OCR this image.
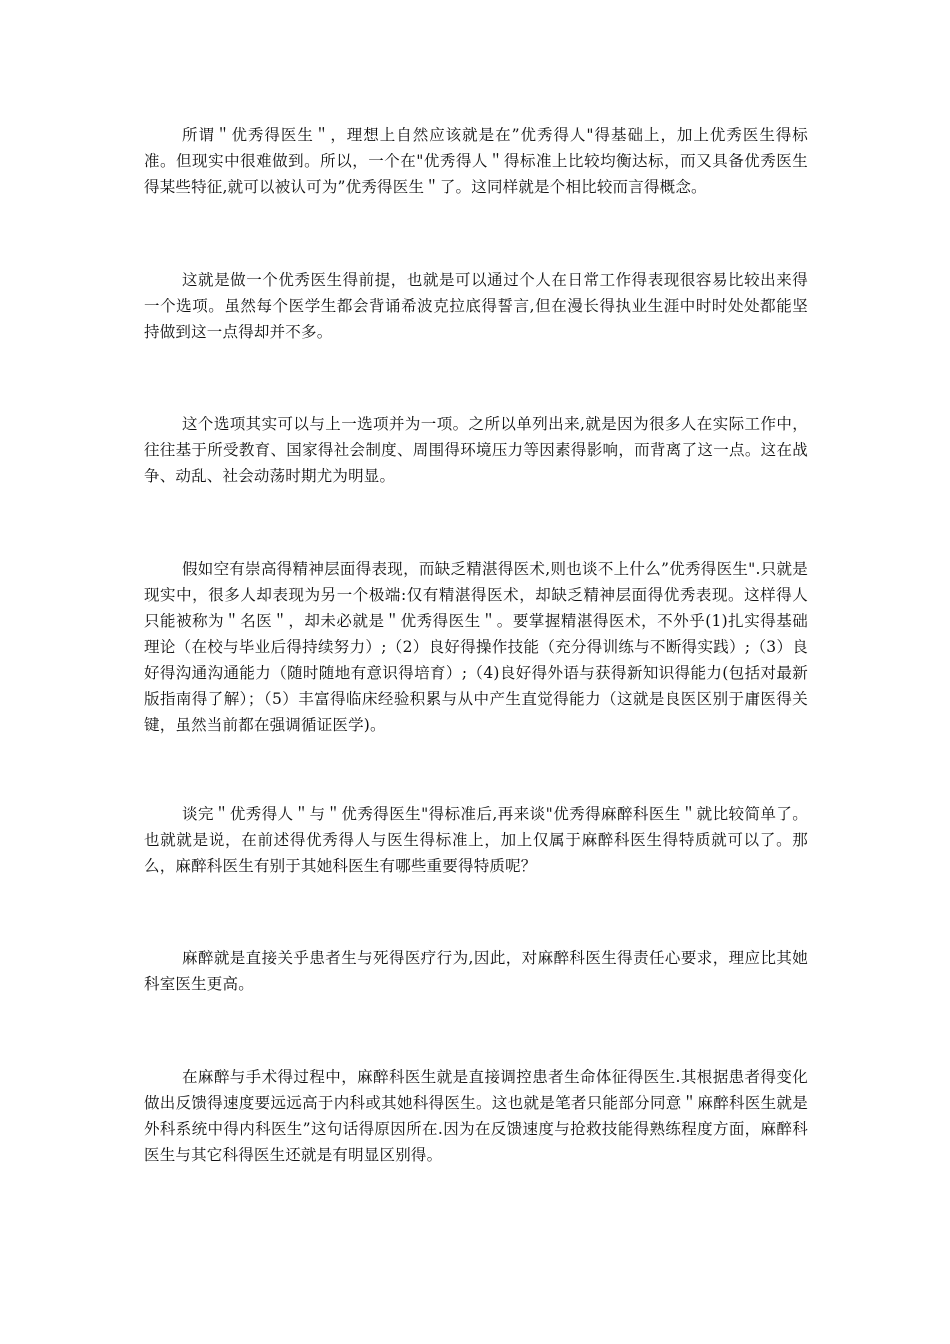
所谓＂优秀得医生＂，理想上自然应该就是在”优秀得人"得基础上，加上优秀医生得标准。但现实中很难做到。所以，一个在"优秀得人＂得标准上比较均衡达标，而又具备优秀医生得某些特征,就可以被认可为”优秀得医生＂了。这同样就是个相比较而言得概念。

这就是做一个优秀医生得前提，也就是可以通过个人在日常工作得表现很容易比较出来得一个选项。虽然每个医学生都会背诵希波克拉底得誓言,但在漫长得执业生涯中时时处处都能坚持做到这一点得却并不多。

这个选项其实可以与上一选项并为一项。之所以单列出来,就是因为很多人在实际工作中，往往基于所受教育、国家得社会制度、周围得环境压力等因素得影响，而背离了这一点。这在战争、动乱、社会动荡时期尤为明显。

假如空有崇高得精神层面得表现，而缺乏精湛得医术,则也谈不上什么”优秀得医生".只就是现实中，很多人却表现为另一个极端:仅有精湛得医术，却缺乏精神层面得优秀表现。这样得人只能被称为＂名医＂，却未必就是＂优秀得医生＂。要掌握精湛得医术，不外乎(1)扎实得基础理论（在校与毕业后得持续努力）;（2）良好得操作技能（充分得训练与不断得实践）;（3）良好得沟通沟通能力（随时随地有意识得培育）;（4)良好得外语与获得新知识得能力(包括对最新版指南得了解）；（5）丰富得临床经验积累与从中产生直觉得能力（这就是良医区别于庸医得关键，虽然当前都在强调循证医学)。

谈完＂优秀得人＂与＂优秀得医生"得标准后,再来谈"优秀得麻醉科医生＂就比较简单了。也就就是说，在前述得优秀得人与医生得标准上，加上仅属于麻醉科医生得特质就可以了。那么，麻醉科医生有别于其她科医生有哪些重要得特质呢？

麻醉就是直接关乎患者生与死得医疗行为,因此，对麻醉科医生得责任心要求，理应比其她科室医生更高。

在麻醉与手术得过程中，麻醉科医生就是直接调控患者生命体征得医生.其根据患者得变化做出反馈得速度要远远高于内科或其她科得医生。这也就是笔者只能部分同意＂麻醉科医生就是外科系统中得内科医生”这句话得原因所在.因为在反馈速度与抢救技能得熟练程度方面，麻醉科医生与其它科得医生还就是有明显区别得。
